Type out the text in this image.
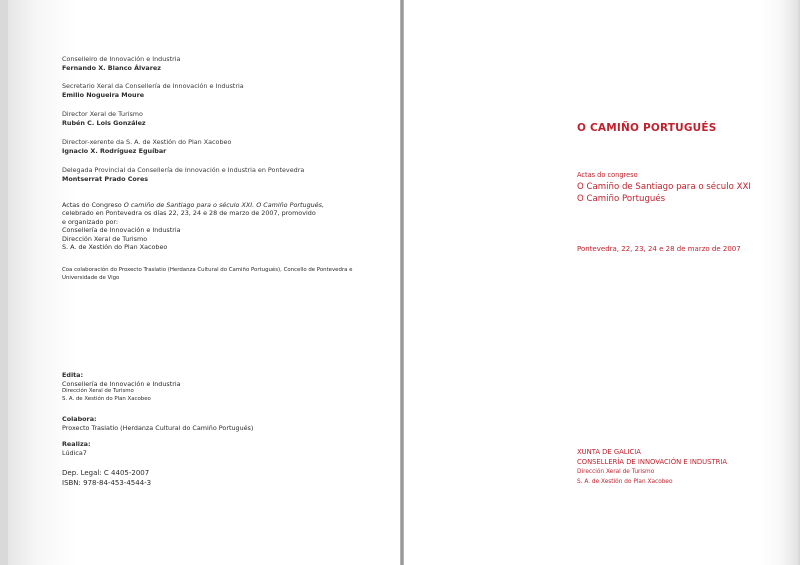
Conselleiro de Innovación e Industria
Fernando X. Blanco Álvarez
Secretario Xeral da Consellería de Innovación e Industria
Emilio Nogueira Moure
Director Xeral de Turismo
Rubén C. Lois González
Director-xerente da S. A. de Xestión do Plan Xacobeo
Ignacio X. Rodríguez Eguíbar
Delegada Provincial da Consellería de Innovación e Industria en Pontevedra
Montserrat Prado Cores
Actas do Congreso O camiño de Santiago para o século XXI. O Camiño Portugués,
celebrado en Pontevedra os días 22, 23, 24 e 28 de marzo de 2007, promovido
e organizado por:
Consellería de Innovación e Industria
Dirección Xeral de Turismo
S. A. de Xestión do Plan Xacobeo
Coa colaboración do Proxecto Traslatio (Herdanza Cultural do Camiño Portugués), Concello de Pontevedra e
Universidade de Vigo
Edita:
Consellería de Innovación e Industria
Dirección Xeral de Turismo
S. A. de Xestión do Plan Xacobeo
Colabora:
Proxecto Traslatio (Herdanza Cultural do Camiño Portugués)
Realiza:
Lúdica7
Dep. Legal: C 4405-2007
ISBN: 978-84-453-4544-3
O CAMIÑO PORTUGUÉS
Actas do congreso
O Camiño de Santiago para o século XXI
O Camiño Portugués
Pontevedra, 22, 23, 24 e 28 de marzo de 2007
XUNTA DE GALICIA
CONSELLERÍA DE INNOVACIÓN E INDUSTRIA
Dirección Xeral de Turismo
S. A. de Xestión do Plan Xacobeo
